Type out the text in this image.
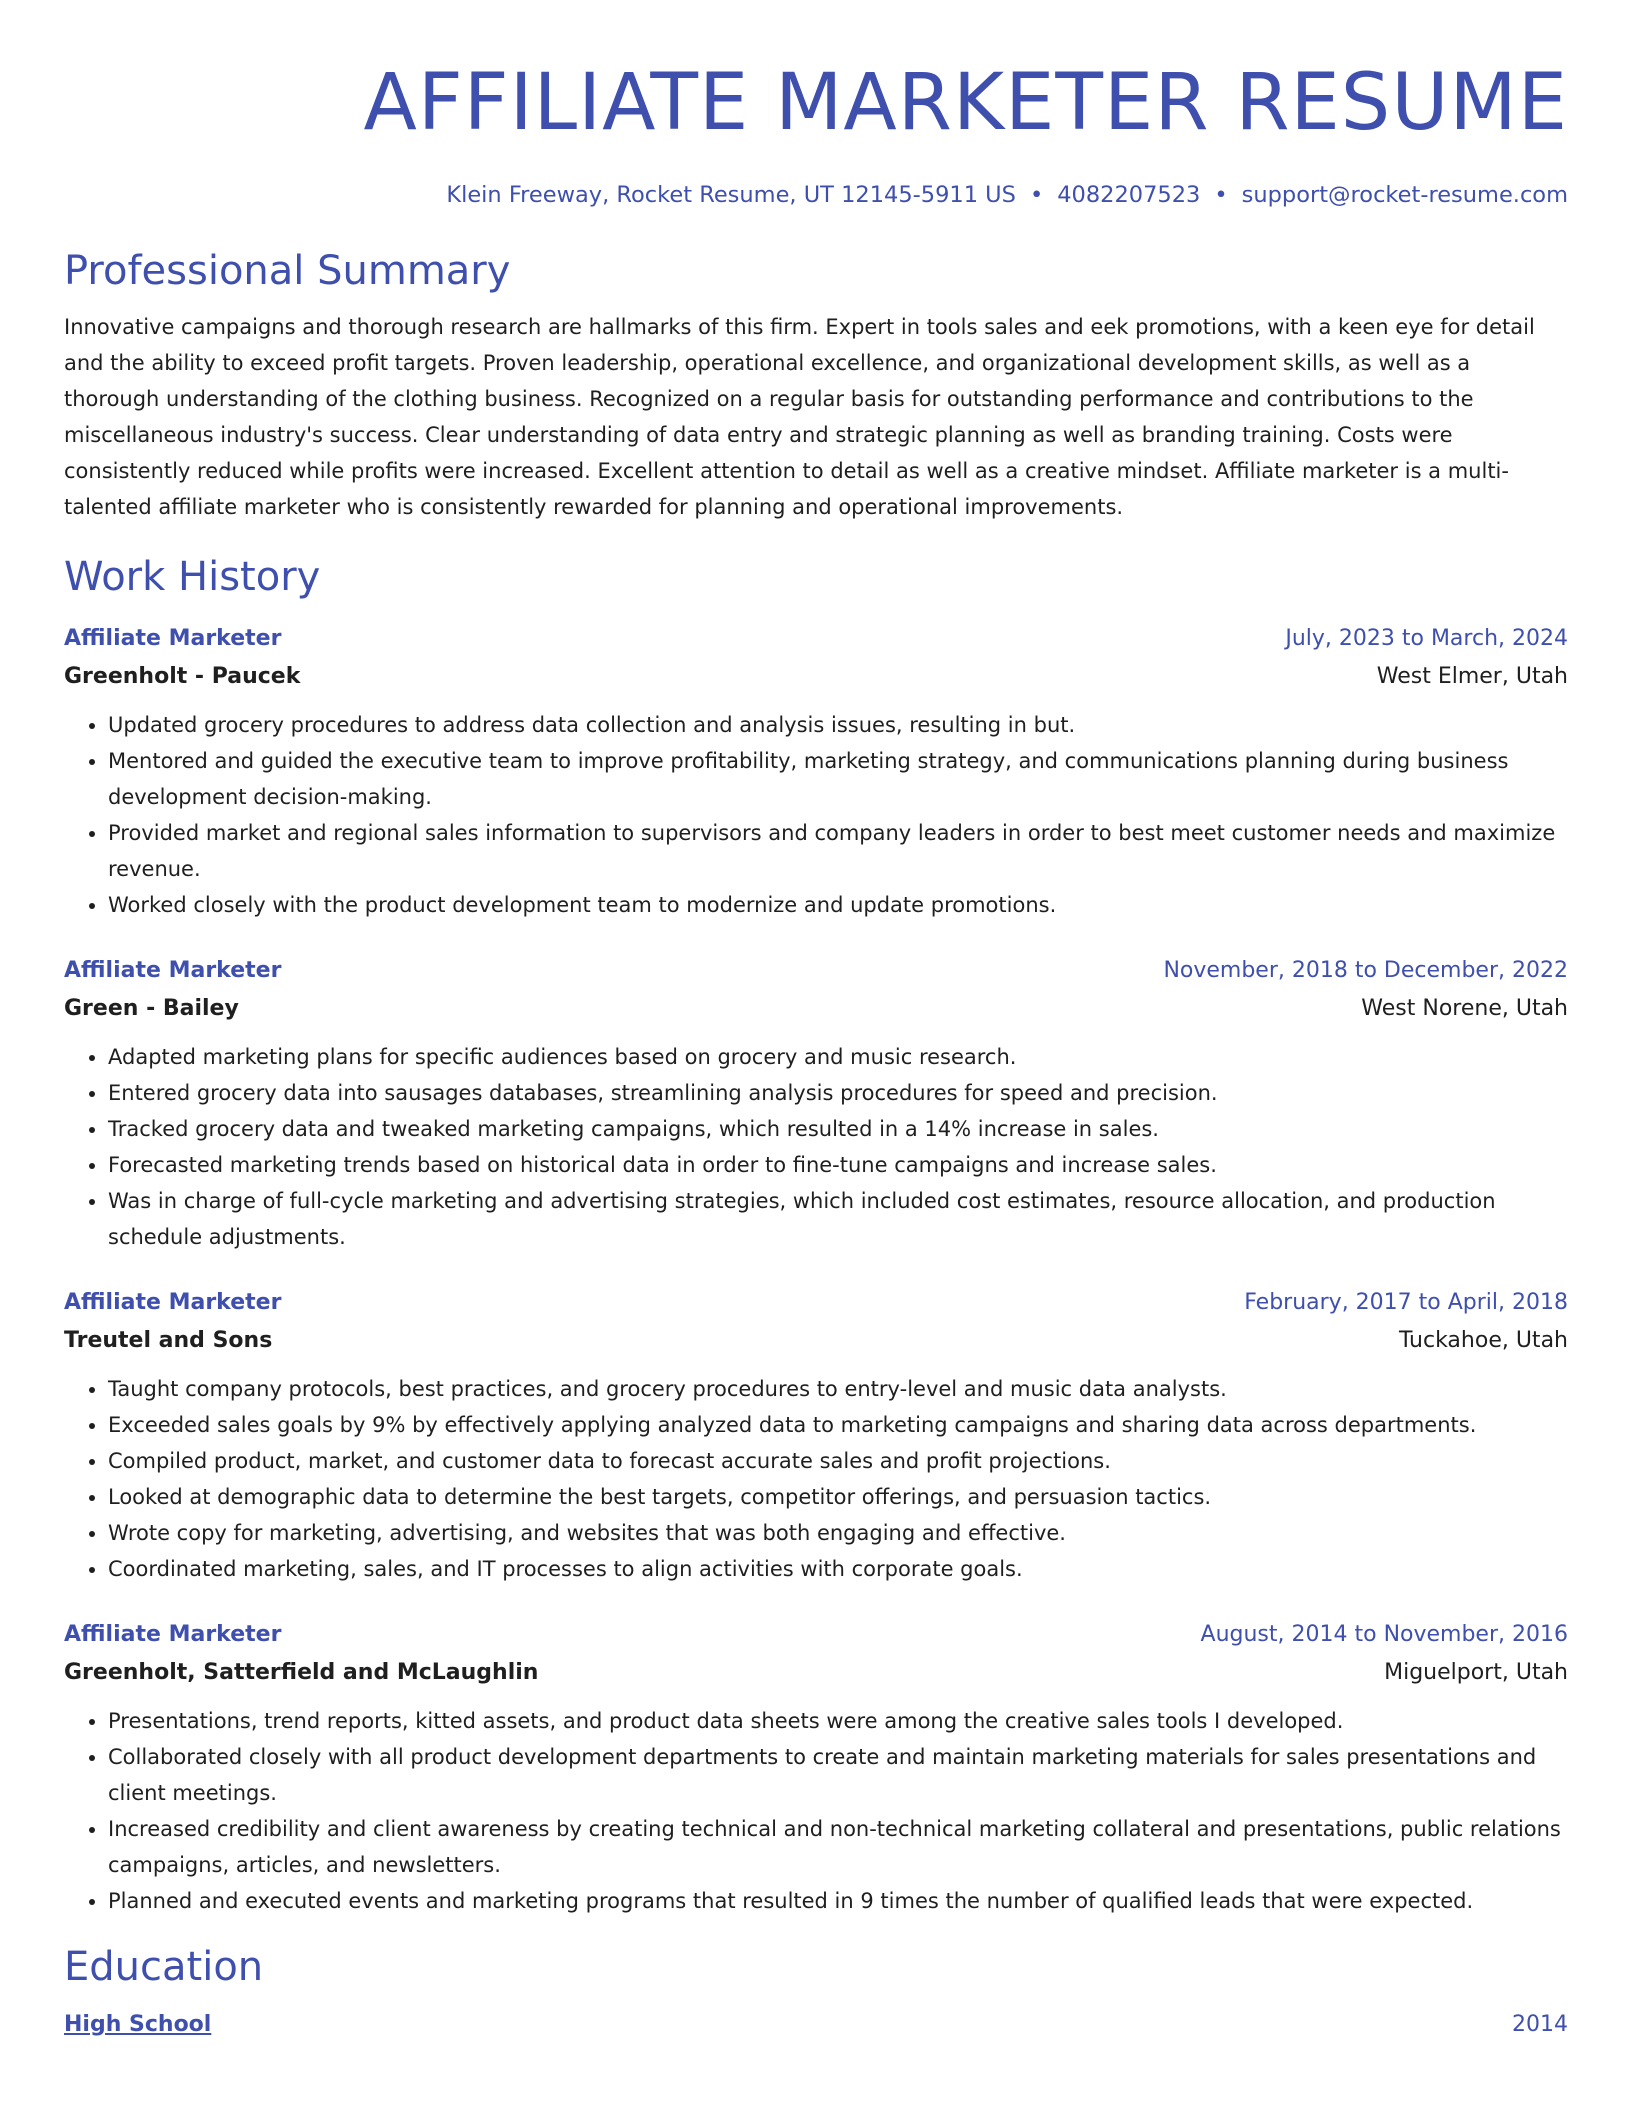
AFFILIATE MARKETER RESUME
Klein Freeway, Rocket Resume, UT 12145-5911 US • 4082207523 • support@rocket-resume.com
Professional Summary
Innovative campaigns and thorough research are hallmarks of this firm. Expert in tools sales and eek promotions, with a keen eye for detail and the ability to exceed profit targets. Proven leadership, operational excellence, and organizational development skills, as well as a thorough understanding of the clothing business. Recognized on a regular basis for outstanding performance and contributions to the miscellaneous industry's success. Clear understanding of data entry and strategic planning as well as branding training. Costs were consistently reduced while profits were increased. Excellent attention to detail as well as a creative mindset. Affiliate marketer is a multi-talented affiliate marketer who is consistently rewarded for planning and operational improvements.
Work History
Affiliate Marketer	July, 2023 to March, 2024
Greenholt - Paucek	West Elmer, Utah
• Updated grocery procedures to address data collection and analysis issues, resulting in but.
• Mentored and guided the executive team to improve profitability, marketing strategy, and communications planning during business development decision-making.
• Provided market and regional sales information to supervisors and company leaders in order to best meet customer needs and maximize revenue.
• Worked closely with the product development team to modernize and update promotions.
Affiliate Marketer	November, 2018 to December, 2022
Green - Bailey	West Norene, Utah
• Adapted marketing plans for specific audiences based on grocery and music research.
• Entered grocery data into sausages databases, streamlining analysis procedures for speed and precision.
• Tracked grocery data and tweaked marketing campaigns, which resulted in a 14% increase in sales.
• Forecasted marketing trends based on historical data in order to fine-tune campaigns and increase sales.
• Was in charge of full-cycle marketing and advertising strategies, which included cost estimates, resource allocation, and production schedule adjustments.
Affiliate Marketer	February, 2017 to April, 2018
Treutel and Sons	Tuckahoe, Utah
• Taught company protocols, best practices, and grocery procedures to entry-level and music data analysts.
• Exceeded sales goals by 9% by effectively applying analyzed data to marketing campaigns and sharing data across departments.
• Compiled product, market, and customer data to forecast accurate sales and profit projections.
• Looked at demographic data to determine the best targets, competitor offerings, and persuasion tactics.
• Wrote copy for marketing, advertising, and websites that was both engaging and effective.
• Coordinated marketing, sales, and IT processes to align activities with corporate goals.
Affiliate Marketer	August, 2014 to November, 2016
Greenholt, Satterfield and McLaughlin	Miguelport, Utah
• Presentations, trend reports, kitted assets, and product data sheets were among the creative sales tools I developed.
• Collaborated closely with all product development departments to create and maintain marketing materials for sales presentations and client meetings.
• Increased credibility and client awareness by creating technical and non-technical marketing collateral and presentations, public relations campaigns, articles, and newsletters.
• Planned and executed events and marketing programs that resulted in 9 times the number of qualified leads that were expected.
Education
High School	2014
